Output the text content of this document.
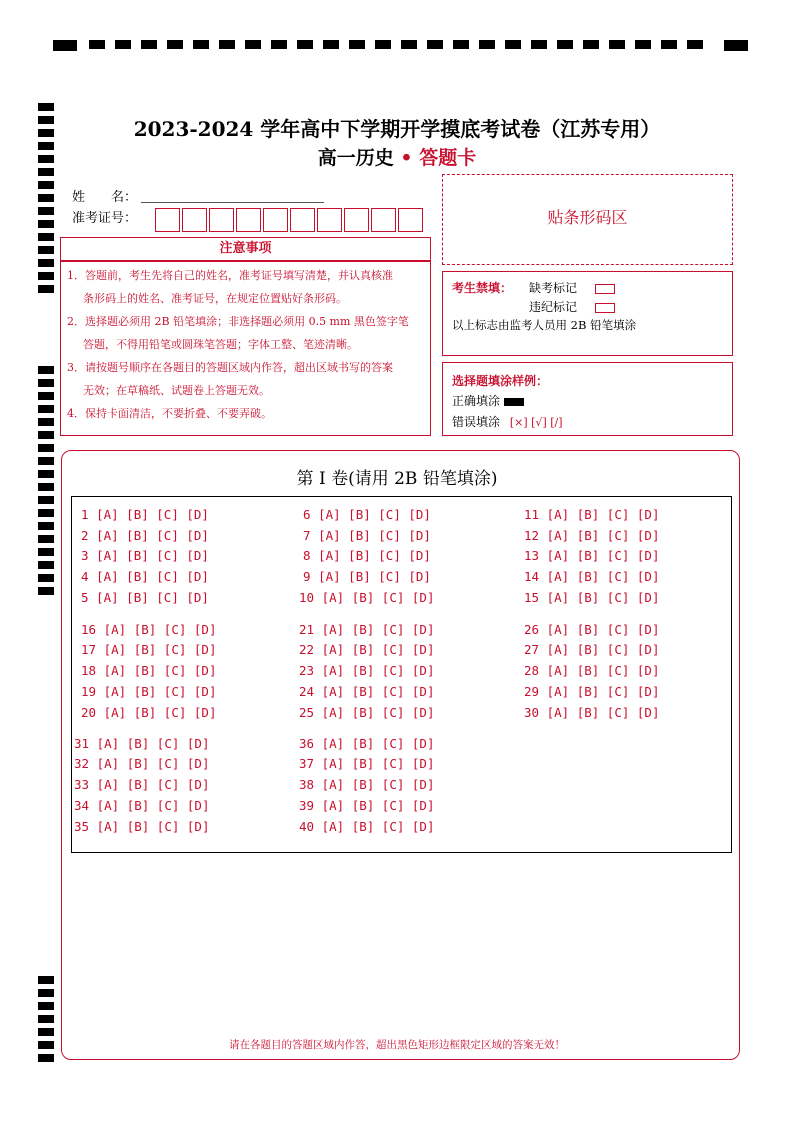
2023-2024 学年高中下学期开学摸底考试卷（江苏专用）
高一历史 • 答题卡
姓　　名：
准考证号：	贴条形码区
注意事项

1．答题前，考生先将自己的姓名，准考证号填写清楚，并认真核准

条形码上的姓名、准考证号，在规定位置贴好条形码。

2．选择题必须用 2B 铅笔填涂；非选择题必须用 0.5 mm 黑色签字笔

答题，不得用铅笔或圆珠笔答题；字体工整、笔迹清晰。

3．请按题号顺序在各题目的答题区域内作答，超出区域书写的答案

无效；在草稿纸、试题卷上答题无效。

4．保持卡面清洁，不要折叠、不要弄破。

考生禁填： 缺考标记
违纪标记
以上标志由监考人员用 2B 铅笔填涂
选择题填涂样例：
正确填涂
错误填涂 [×] [√] [/]
第 I 卷(请用 2B 铅笔填涂)
1 [A] [B] [C] [D]
2 [A] [B] [C] [D]
3 [A] [B] [C] [D]
4 [A] [B] [C] [D]
5 [A] [B] [C] [D]
6 [A] [B] [C] [D]
7 [A] [B] [C] [D]
8 [A] [B] [C] [D]
9 [A] [B] [C] [D]
10 [A] [B] [C] [D]
11 [A] [B] [C] [D]
12 [A] [B] [C] [D]
13 [A] [B] [C] [D]
14 [A] [B] [C] [D]
15 [A] [B] [C] [D]
16 [A] [B] [C] [D]
17 [A] [B] [C] [D]
18 [A] [B] [C] [D]
19 [A] [B] [C] [D]
20 [A] [B] [C] [D]
21 [A] [B] [C] [D]
22 [A] [B] [C] [D]
23 [A] [B] [C] [D]
24 [A] [B] [C] [D]
25 [A] [B] [C] [D]
26 [A] [B] [C] [D]
27 [A] [B] [C] [D]
28 [A] [B] [C] [D]
29 [A] [B] [C] [D]
30 [A] [B] [C] [D]
31 [A] [B] [C] [D]
32 [A] [B] [C] [D]
33 [A] [B] [C] [D]
34 [A] [B] [C] [D]
35 [A] [B] [C] [D]
36 [A] [B] [C] [D]
37 [A] [B] [C] [D]
38 [A] [B] [C] [D]
39 [A] [B] [C] [D]
40 [A] [B] [C] [D]
请在各题目的答题区域内作答，超出黑色矩形边框限定区域的答案无效！
